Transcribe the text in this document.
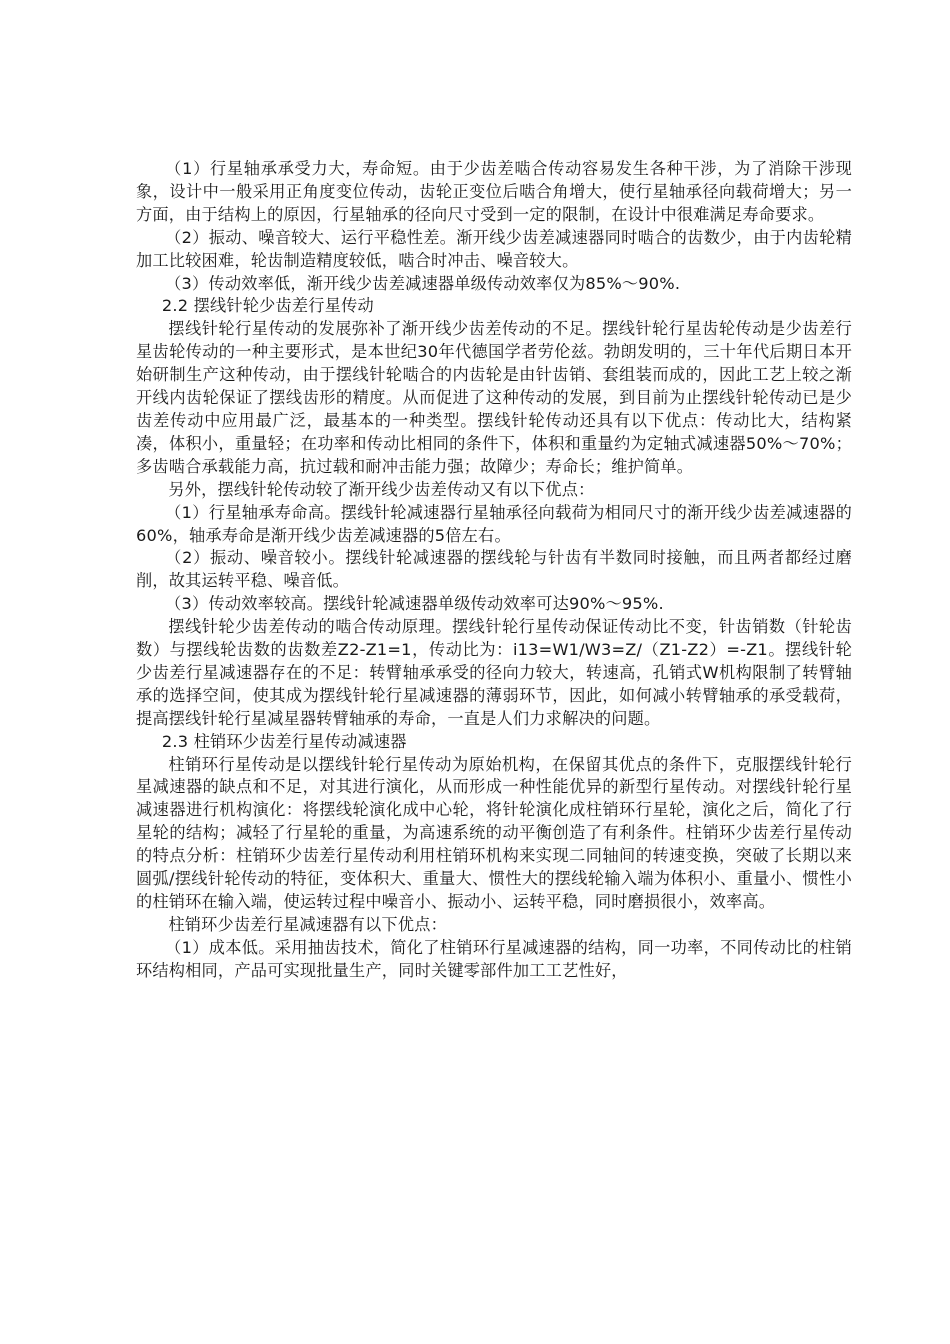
（1）行星轴承承受力大，寿命短。由于少齿差啮合传动容易发生各种干涉，为了消除干涉现象，设计中一般采用正角度变位传动，齿轮正变位后啮合角增大，使行星轴承径向载荷增大；另一方面，由于结构上的原因，行星轴承的径向尺寸受到一定的限制，在设计中很难满足寿命要求。

（2）振动、噪音较大、运行平稳性差。渐开线少齿差减速器同时啮合的齿数少，由于内齿轮精加工比较困难，轮齿制造精度较低，啮合时冲击、噪音较大。

（3）传动效率低，渐开线少齿差减速器单级传动效率仅为85%～90%.

2.2 摆线针轮少齿差行星传动

摆线针轮行星传动的发展弥补了渐开线少齿差传动的不足。摆线针轮行星齿轮传动是少齿差行星齿轮传动的一种主要形式，是本世纪30年代德国学者劳伦兹。勃朗发明的，三十年代后期日本开始研制生产这种传动，由于摆线针轮啮合的内齿轮是由针齿销、套组装而成的，因此工艺上较之渐开线内齿轮保证了摆线齿形的精度。从而促进了这种传动的发展，到目前为止摆线针轮传动已是少齿差传动中应用最广泛，最基本的一种类型。摆线针轮传动还具有以下优点：传动比大，结构紧凑，体积小，重量轻；在功率和传动比相同的条件下，体积和重量约为定轴式减速器50%～70%；多齿啮合承载能力高，抗过载和耐冲击能力强；故障少；寿命长；维护简单。

另外，摆线针轮传动较了渐开线少齿差传动又有以下优点：

（1）行星轴承寿命高。摆线针轮减速器行星轴承径向载荷为相同尺寸的渐开线少齿差减速器的60%，轴承寿命是渐开线少齿差减速器的5倍左右。

（2）振动、噪音较小。摆线针轮减速器的摆线轮与针齿有半数同时接触，而且两者都经过磨削，故其运转平稳、噪音低。

（3）传动效率较高。摆线针轮减速器单级传动效率可达90%～95%.

摆线针轮少齿差传动的啮合传动原理。摆线针轮行星传动保证传动比不变，针齿销数（针轮齿数）与摆线轮齿数的齿数差Z2-Z1=1，传动比为：i13=W1/W3=Z/（Z1-Z2）=-Z1。摆线针轮少齿差行星减速器存在的不足：转臂轴承承受的径向力较大，转速高，孔销式W机构限制了转臂轴承的选择空间，使其成为摆线针轮行星减速器的薄弱环节，因此，如何减小转臂轴承的承受载荷，提高摆线针轮行星减星器转臂轴承的寿命，一直是人们力求解决的问题。

2.3 柱销环少齿差行星传动减速器

柱销环行星传动是以摆线针轮行星传动为原始机构，在保留其优点的条件下，克服摆线针轮行星减速器的缺点和不足，对其进行演化，从而形成一种性能优异的新型行星传动。对摆线针轮行星减速器进行机构演化：将摆线轮演化成中心轮，将针轮演化成柱销环行星轮，演化之后，简化了行星轮的结构；减轻了行星轮的重量，为高速系统的动平衡创造了有利条件。柱销环少齿差行星传动的特点分析：柱销环少齿差行星传动利用柱销环机构来实现二同轴间的转速变换，突破了长期以来圆弧/摆线针轮传动的特征，变体积大、重量大、惯性大的摆线轮输入端为体积小、重量小、惯性小的柱销环在输入端，使运转过程中噪音小、振动小、运转平稳，同时磨损很小，效率高。

柱销环少齿差行星减速器有以下优点：

（1）成本低。采用抽齿技术，简化了柱销环行星减速器的结构，同一功率，不同传动比的柱销环结构相同，产品可实现批量生产，同时关键零部件加工工艺性好，
